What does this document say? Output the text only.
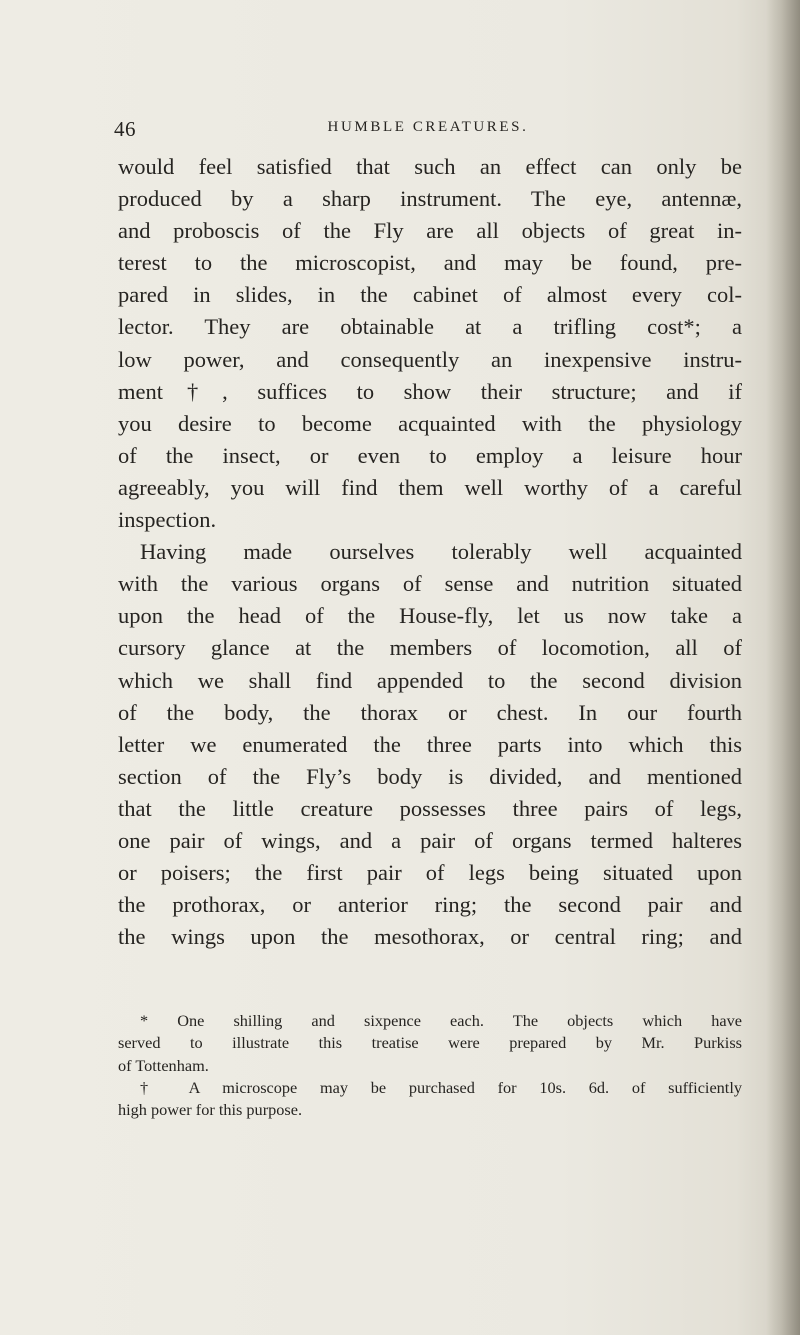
46	HUMBLE CREATURES.
would feel satisfied that such an effect can only be
produced by a sharp instrument. The eye, antennæ,
and proboscis of the Fly are all objects of great in-
terest to the microscopist, and may be found, pre-
pared in slides, in the cabinet of almost every col-
lector. They are obtainable at a trifling cost*; a
low power, and consequently an inexpensive instru-
ment†, suffices to show their structure; and if
you desire to become acquainted with the physiology
of the insect, or even to employ a leisure hour
agreeably, you will find them well worthy of a careful
inspection.
Having made ourselves tolerably well acquainted
with the various organs of sense and nutrition situated
upon the head of the House-fly, let us now take a
cursory glance at the members of locomotion, all of
which we shall find appended to the second division
of the body, the thorax or chest. In our fourth
letter we enumerated the three parts into which this
section of the Fly’s body is divided, and mentioned
that the little creature possesses three pairs of legs,
one pair of wings, and a pair of organs termed halteres
or poisers; the first pair of legs being situated upon
the prothorax, or anterior ring; the second pair and
the wings upon the mesothorax, or central ring; and
* One shilling and sixpence each. The objects which have
served to illustrate this treatise were prepared by Mr. Purkiss
of Tottenham.
† A microscope may be purchased for 10s. 6d. of sufficiently
high power for this purpose.
